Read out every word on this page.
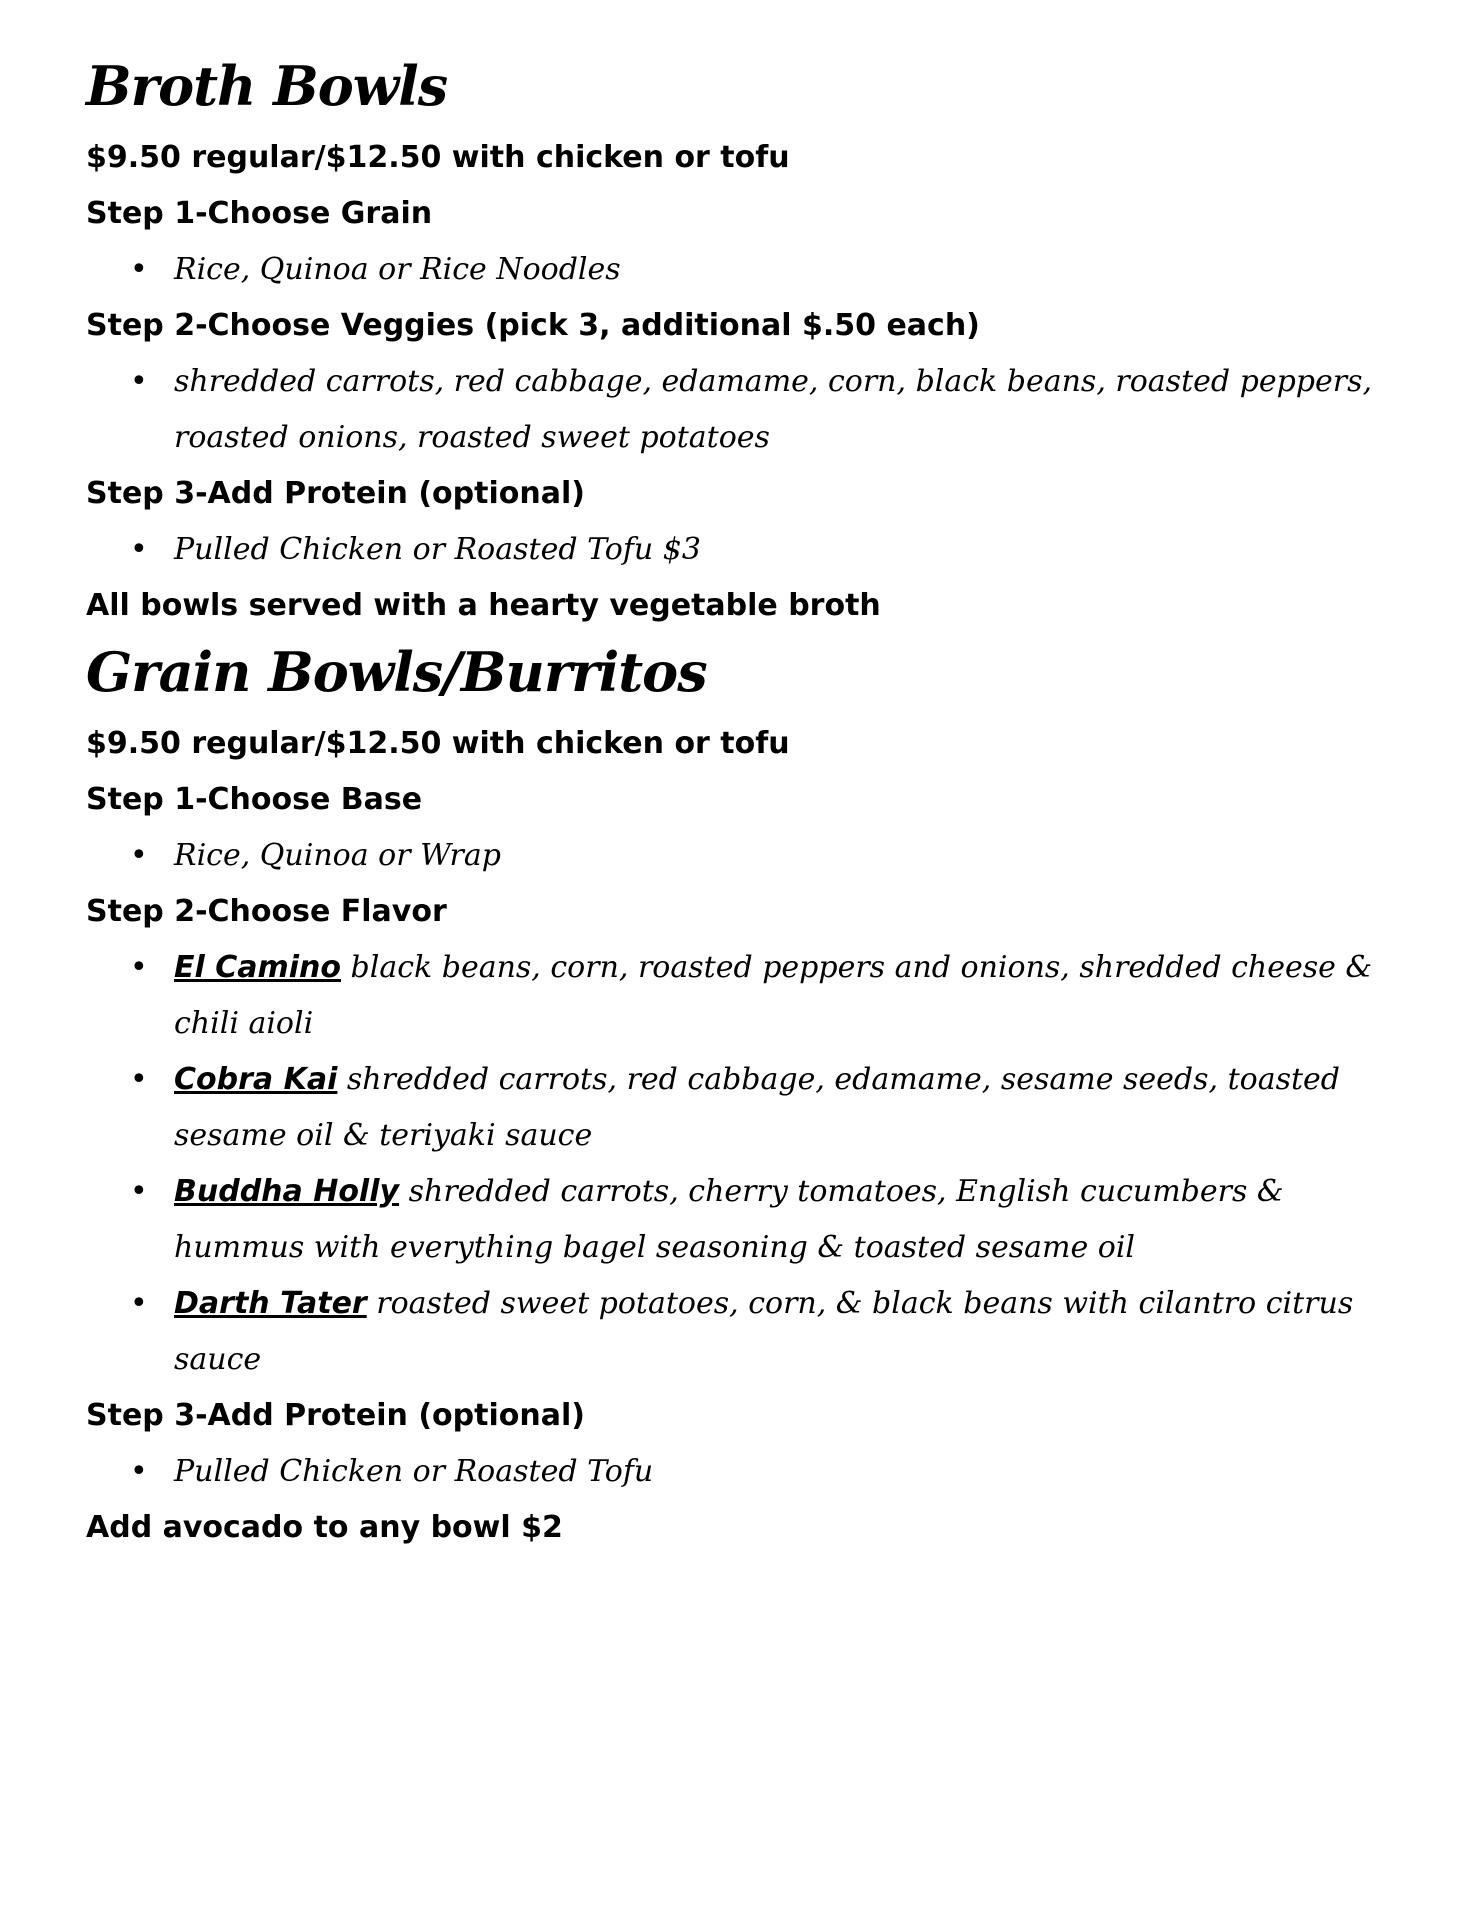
Broth Bowls

$9.50 regular/$12.50 with chicken or tofu

Step 1-Choose Grain

• Rice, Quinoa or Rice Noodles

Step 2-Choose Veggies (pick 3, additional $.50 each)

• shredded carrots, red cabbage, edamame, corn, black beans, roasted peppers, roasted onions, roasted sweet potatoes

Step 3-Add Protein (optional)

• Pulled Chicken or Roasted Tofu $3

All bowls served with a hearty vegetable broth

Grain Bowls/Burritos

$9.50 regular/$12.50 with chicken or tofu

Step 1-Choose Base

• Rice, Quinoa or Wrap

Step 2-Choose Flavor

• El Camino black beans, corn, roasted peppers and onions, shredded cheese & chili aioli
• Cobra Kai shredded carrots, red cabbage, edamame, sesame seeds, toasted sesame oil & teriyaki sauce
• Buddha Holly shredded carrots, cherry tomatoes, English cucumbers & hummus with everything bagel seasoning & toasted sesame oil
• Darth Tater roasted sweet potatoes, corn, & black beans with cilantro citrus sauce

Step 3-Add Protein (optional)

• Pulled Chicken or Roasted Tofu

Add avocado to any bowl $2
